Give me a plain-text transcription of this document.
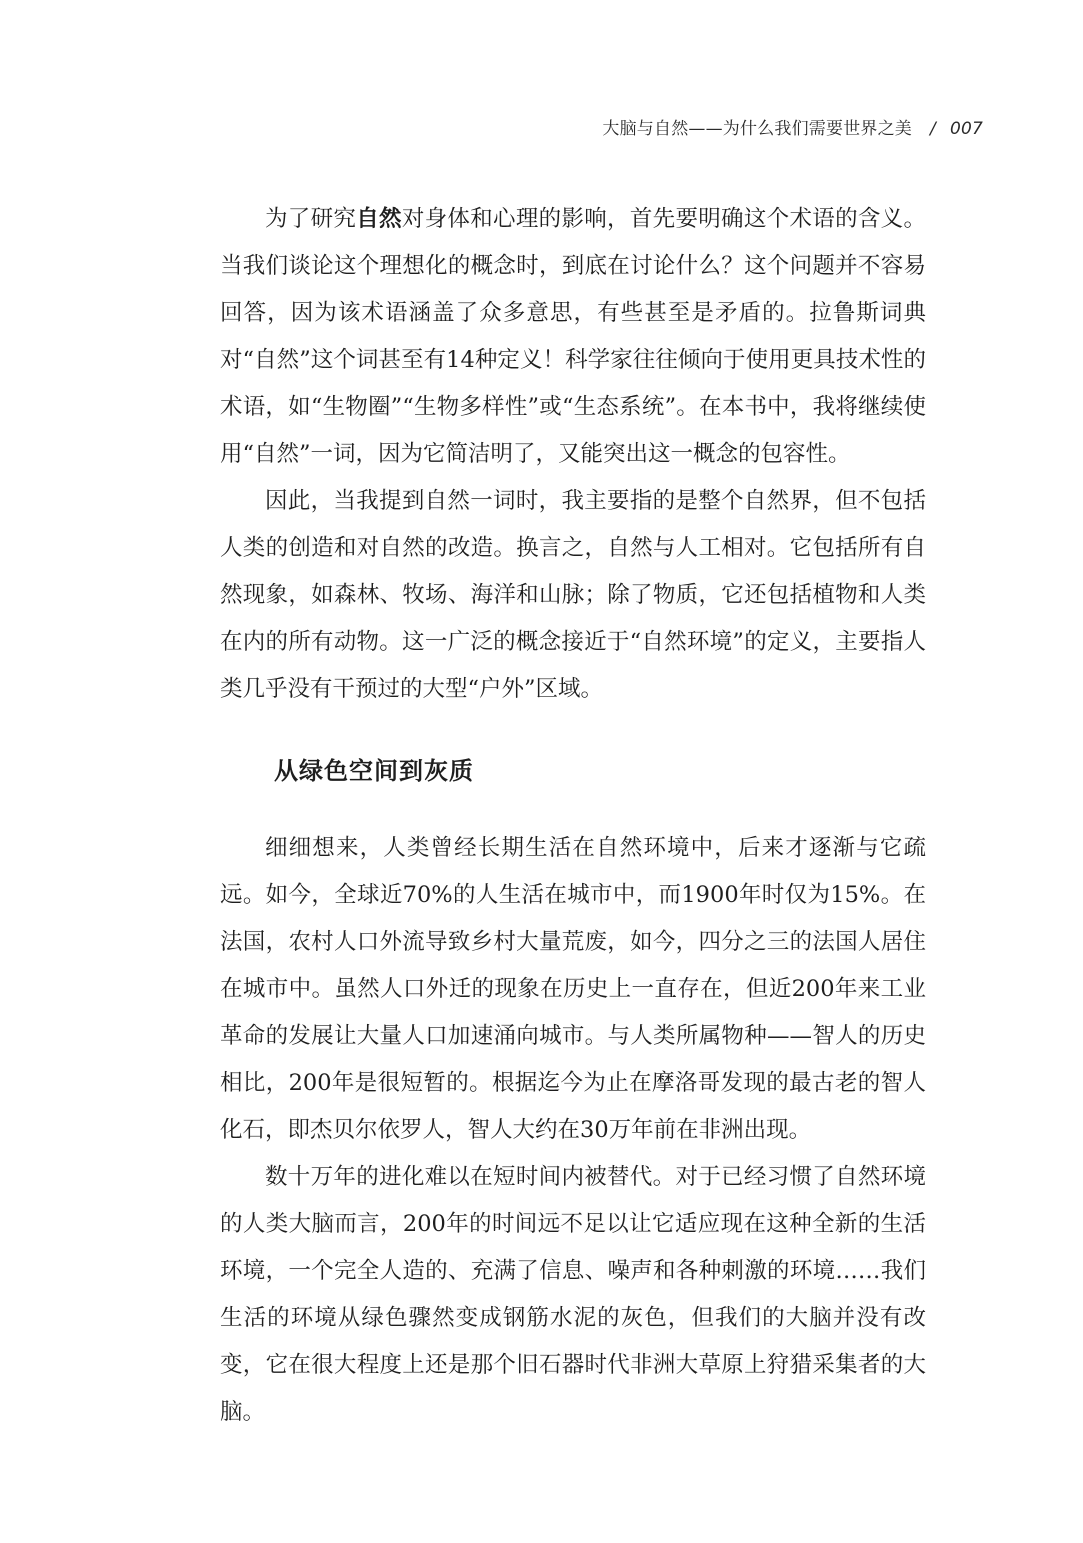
大脑与自然——为什么我们需要世界之美 / 007

为了研究自然对身体和心理的影响，首先要明确这个术语的含义。当我们谈论这个理想化的概念时，到底在讨论什么？这个问题并不容易回答，因为该术语涵盖了众多意思，有些甚至是矛盾的。拉鲁斯词典对“自然”这个词甚至有14种定义！科学家往往倾向于使用更具技术性的术语，如“生物圈”“生物多样性”或“生态系统”。在本书中，我将继续使用“自然”一词，因为它简洁明了，又能突出这一概念的包容性。

因此，当我提到自然一词时，我主要指的是整个自然界，但不包括人类的创造和对自然的改造。换言之，自然与人工相对。它包括所有自然现象，如森林、牧场、海洋和山脉；除了物质，它还包括植物和人类在内的所有动物。这一广泛的概念接近于“自然环境”的定义，主要指人类几乎没有干预过的大型“户外”区域。

从绿色空间到灰质

细细想来，人类曾经长期生活在自然环境中，后来才逐渐与它疏远。如今，全球近70%的人生活在城市中，而1900年时仅为15%。在法国，农村人口外流导致乡村大量荒废，如今，四分之三的法国人居住在城市中。虽然人口外迁的现象在历史上一直存在，但近200年来工业革命的发展让大量人口加速涌向城市。与人类所属物种——智人的历史相比，200年是很短暂的。根据迄今为止在摩洛哥发现的最古老的智人化石，即杰贝尔依罗人，智人大约在30万年前在非洲出现。

数十万年的进化难以在短时间内被替代。对于已经习惯了自然环境的人类大脑而言，200年的时间远不足以让它适应现在这种全新的生活环境，一个完全人造的、充满了信息、噪声和各种刺激的环境……我们生活的环境从绿色骤然变成钢筋水泥的灰色，但我们的大脑并没有改变，它在很大程度上还是那个旧石器时代非洲大草原上狩猎采集者的大脑。
